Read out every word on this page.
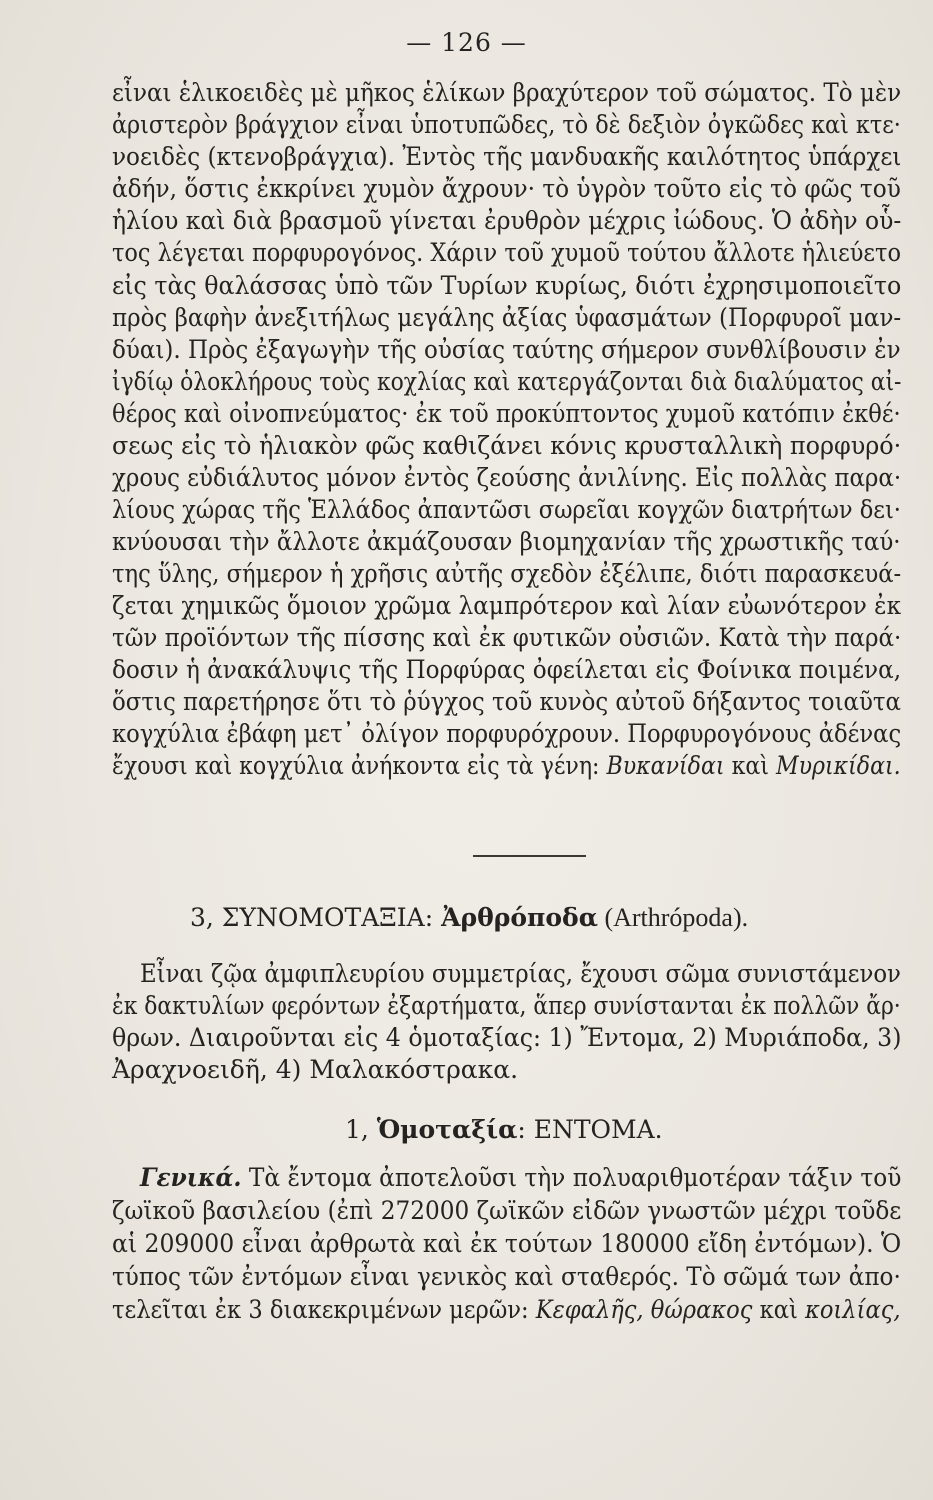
— 126 —
εἶναι ἑλικοειδὲς μὲ μῆκος ἑλίκων βραχύτερον τοῦ σώματος. Τὸ μὲν
ἀριστερὸν βράγχιον εἶναι ὑποτυπῶδες, τὸ δὲ δεξιὸν ὀγκῶδες καὶ κτε·
νοειδὲς (κτενοβράγχια). Ἐντὸς τῆς μανδυακῆς καιλότητος ὑπάρχει
ἀδήν, ὅστις ἐκκρίνει χυμὸν ἄχρουν· τὸ ὑγρὸν τοῦτο εἰς τὸ φῶς τοῦ
ἡλίου καὶ διὰ βρασμοῦ γίνεται ἐρυθρὸν μέχρις ἰώδους. Ὁ ἀδὴν οὗ-
τος λέγεται πορφυρογόνος. Χάριν τοῦ χυμοῦ τούτου ἄλλοτε ἡλιεύετο
εἰς τὰς θαλάσσας ὑπὸ τῶν Τυρίων κυρίως, διότι ἐχρησιμοποιεῖτο
πρὸς βαφὴν ἀνεξιτήλως μεγάλης ἀξίας ὑφασμάτων (Πορφυροῖ μαν-
δύαι). Πρὸς ἐξαγωγὴν τῆς οὐσίας ταύτης σήμερον συνθλίβουσιν ἐν
ἰγδίῳ ὁλοκλήρους τοὺς κοχλίας καὶ κατεργάζονται διὰ διαλύματος αἰ-
θέρος καὶ οἰνοπνεύματος· ἐκ τοῦ προκύπτοντος χυμοῦ κατόπιν ἐκθέ·
σεως εἰς τὸ ἡλιακὸν φῶς καθιζάνει κόνις κρυσταλλικὴ πορφυρό·
χρους εὐδιάλυτος μόνον ἐντὸς ζεούσης ἀνιλίνης. Εἰς πολλὰς παρα·
λίους χώρας τῆς Ἑλλάδος ἀπαντῶσι σωρεῖαι κογχῶν διατρήτων δει·
κνύουσαι τὴν ἄλλοτε ἀκμάζουσαν βιομηχανίαν τῆς χρωστικῆς ταύ·
της ὕλης, σήμερον ἡ χρῆσις αὐτῆς σχεδὸν ἐξέλιπε, διότι παρασκευά-
ζεται χημικῶς ὅμοιον χρῶμα λαμπρότερον καὶ λίαν εὐωνότερον ἐκ
τῶν προϊόντων τῆς πίσσης καὶ ἐκ φυτικῶν οὐσιῶν. Κατὰ τὴν παρά·
δοσιν ἡ ἀνακάλυψις τῆς Πορφύρας ὀφείλεται εἰς Φοίνικα ποιμένα,
ὅστις παρετήρησε ὅτι τὸ ῥύγχος τοῦ κυνὸς αὐτοῦ δήξαντος τοιαῦτα
κογχύλια ἐβάφη μετ᾽ ὀλίγον πορφυρόχρουν. Πορφυρογόνους ἀδένας
ἔχουσι καὶ κογχύλια ἀνήκοντα εἰς τὰ γένη: Βυκανίδαι καὶ Μυρικίδαι.
3, ΣΥΝΟΜΟΤΑΞΙΑ: Ἀρθρόποδα (Arthrópoda).
Εἶναι ζῷα ἀμφιπλευρίου συμμετρίας, ἔχουσι σῶμα συνιστάμενον
ἐκ δακτυλίων φερόντων ἐξαρτήματα, ἅπερ συνίστανται ἐκ πολλῶν ἄρ·
θρων. Διαιροῦνται εἰς 4 ὁμοταξίας: 1) Ἔντομα, 2) Μυριάποδα, 3)
Ἀραχνοειδῆ, 4) Μαλακόστρακα.
1, Ὁμοταξία: ΕΝΤΟΜΑ.
Γενικά. Τὰ ἔντομα ἀποτελοῦσι τὴν πολυαριθμοτέραν τάξιν τοῦ
ζωϊκοῦ βασιλείου (ἐπὶ 272000 ζωϊκῶν εἰδῶν γνωστῶν μέχρι τοῦδε
αἱ 209000 εἶναι ἀρθρωτὰ καὶ ἐκ τούτων 180000 εἴδη ἐντόμων). Ὁ
τύπος τῶν ἐντόμων εἶναι γενικὸς καὶ σταθερός. Τὸ σῶμά των ἀπο·
τελεῖται ἐκ 3 διακεκριμένων μερῶν: Κεφαλῆς, θώρακος καὶ κοιλίας,
